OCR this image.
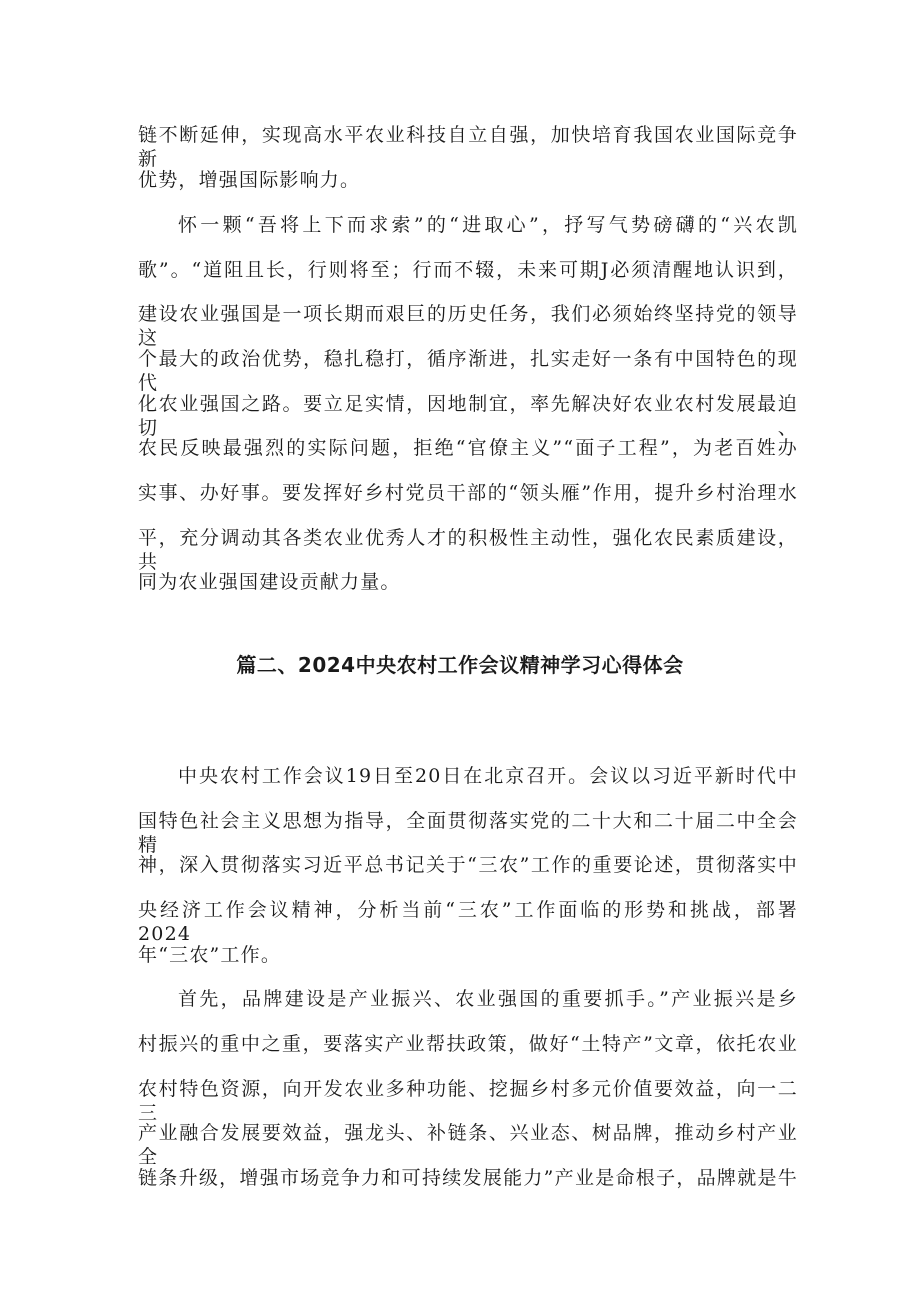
链不断延伸，实现高水平农业科技自立自强，加快培育我国农业国际竞争新
优势，增强国际影响力。
怀一颗“吾将上下而求索”的“进取心”，抒写气势磅礴的“兴农凯
歌”。“道阻且长，行则将至；行而不辍，未来可期J必须清醒地认识到，
建设农业强国是一项长期而艰巨的历史任务，我们必须始终坚持党的领导这
个最大的政治优势，稳扎稳打，循序渐进，扎实走好一条有中国特色的现代
化农业强国之路。要立足实情，因地制宜，率先解决好农业农村发展最迫切、
农民反映最强烈的实际问题，拒绝“官僚主义”“面子工程”，为老百姓办
实事、办好事。要发挥好乡村党员干部的“领头雁”作用，提升乡村治理水
平，充分调动其各类农业优秀人才的积极性主动性，强化农民素质建设，共
同为农业强国建设贡献力量。
篇二、2024中央农村工作会议精神学习心得体会
中央农村工作会议19日至20日在北京召开。会议以习近平新时代中
国特色社会主义思想为指导，全面贯彻落实党的二十大和二十届二中全会精
神，深入贯彻落实习近平总书记关于“三农”工作的重要论述，贯彻落实中
央经济工作会议精神，分析当前“三农”工作面临的形势和挑战，部署2024
年“三农”工作。
首先，品牌建设是产业振兴、农业强国的重要抓手。”产业振兴是乡
村振兴的重中之重，要落实产业帮扶政策，做好“土特产”文章，依托农业
农村特色资源，向开发农业多种功能、挖掘乡村多元价值要效益，向一二三
产业融合发展要效益，强龙头、补链条、兴业态、树品牌，推动乡村产业全
链条升级，增强市场竞争力和可持续发展能力”产业是命根子，品牌就是牛
